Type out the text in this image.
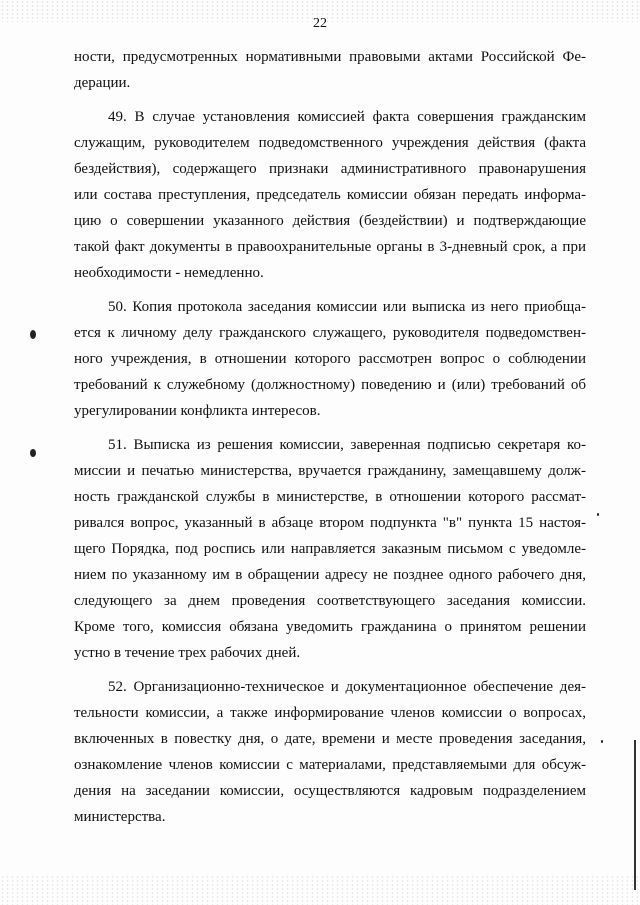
22
ности, предусмотренных нормативными правовыми актами Российской Фе-
дерации.
49. В случае установления комиссией факта совершения гражданским
служащим, руководителем подведомственного учреждения действия (факта
бездействия), содержащего признаки административного правонарушения
или состава преступления, председатель комиссии обязан передать информа-
цию о совершении указанного действия (бездействии) и подтверждающие
такой факт документы в правоохранительные органы в 3-дневный срок, а при
необходимости - немедленно.
50. Копия протокола заседания комиссии или выписка из него приобща-
ется к личному делу гражданского служащего, руководителя подведомствен-
ного учреждения, в отношении которого рассмотрен вопрос о соблюдении
требований к служебному (должностному) поведению и (или) требований об
урегулировании конфликта интересов.
51. Выписка из решения комиссии, заверенная подписью секретаря ко-
миссии и печатью министерства, вручается гражданину, замещавшему долж-
ность гражданской службы в министерстве, в отношении которого рассмат-
ривался вопрос, указанный в абзаце втором подпункта "в" пункта 15 настоя-
щего Порядка, под роспись или направляется заказным письмом с уведомле-
нием по указанному им в обращении адресу не позднее одного рабочего дня,
следующего за днем проведения соответствующего заседания комиссии.
Кроме того, комиссия обязана уведомить гражданина о принятом решении
устно в течение трех рабочих дней.
52. Организационно-техническое и документационное обеспечение дея-
тельности комиссии, а также информирование членов комиссии о вопросах,
включенных в повестку дня, о дате, времени и месте проведения заседания,
ознакомление членов комиссии с материалами, представляемыми для обсуж-
дения на заседании комиссии, осуществляются кадровым подразделением
министерства.
